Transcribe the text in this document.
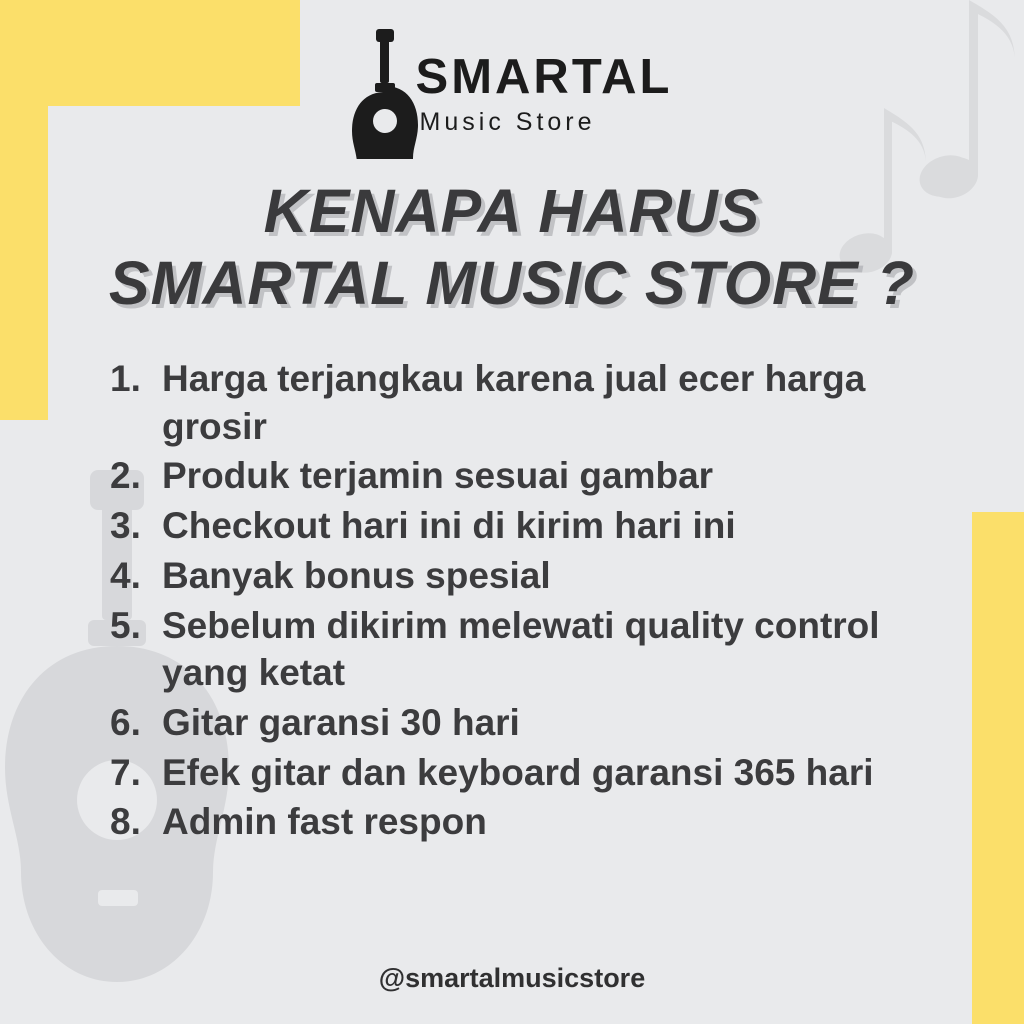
SMARTAL
Music Store
KENAPA HARUS
SMARTAL MUSIC STORE ?
1. Harga terjangkau karena jual ecer harga grosir
2. Produk terjamin sesuai gambar
3. Checkout hari ini di kirim hari ini
4. Banyak bonus spesial
5. Sebelum dikirim melewati quality control yang ketat
6. Gitar garansi 30 hari
7. Efek gitar dan keyboard garansi 365 hari
8. Admin fast respon
@smartalmusicstore
